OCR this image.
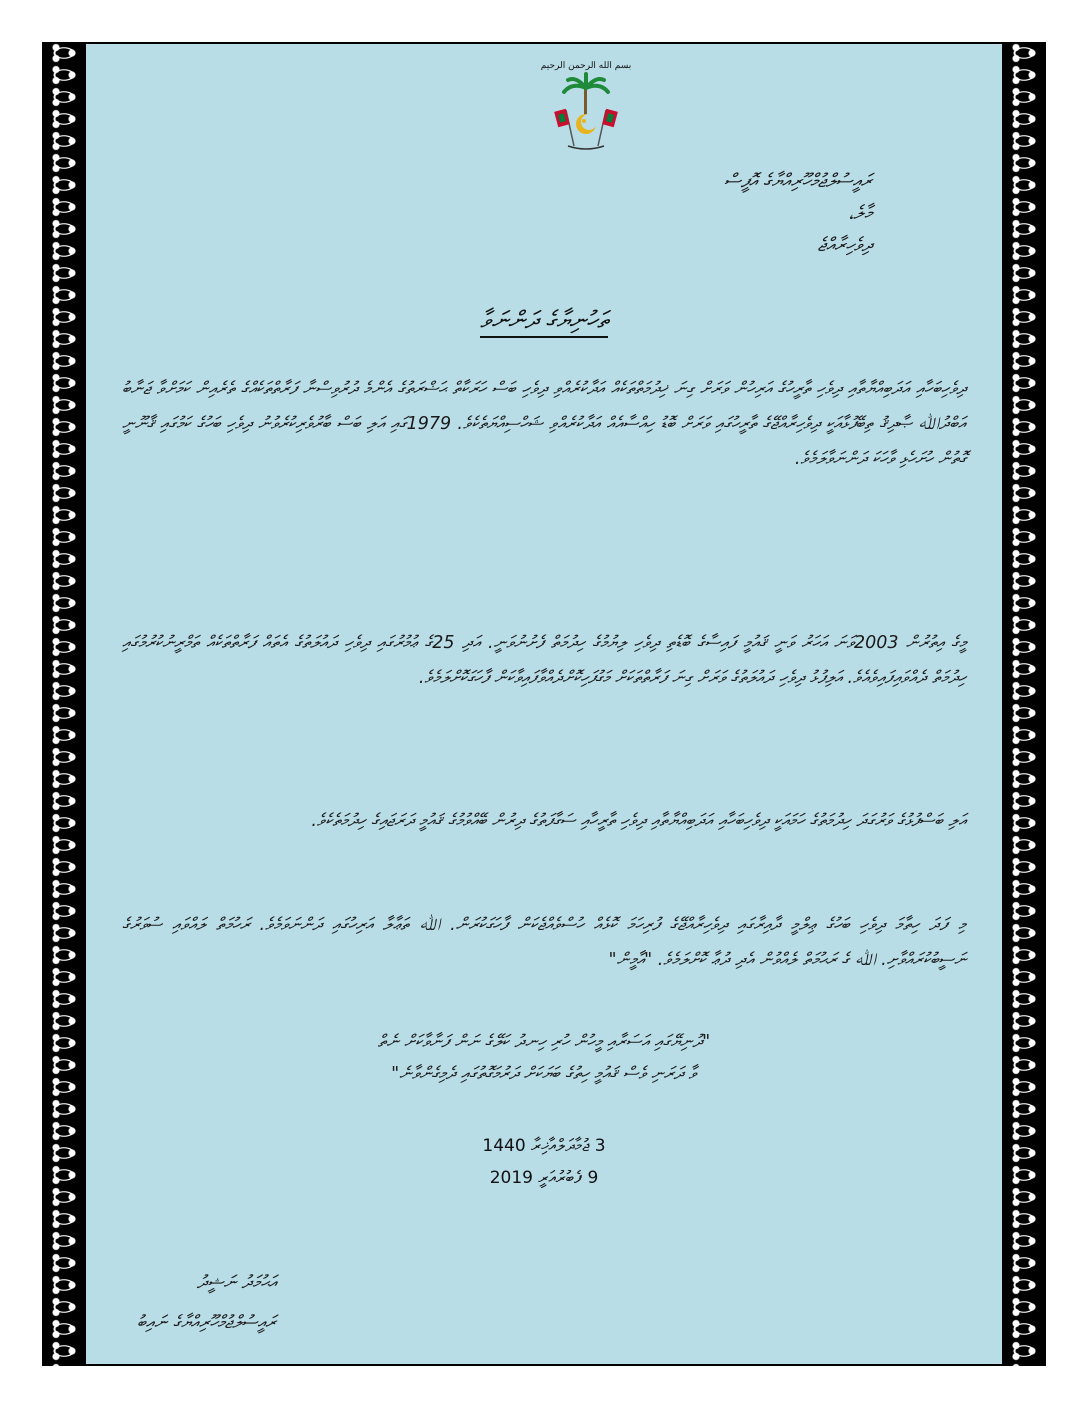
بسم الله الرحمن الرحيم
ރައީސުލްޖުމްހޫރިއްޔާގެ އޮފީސް
މާލެ،
ދިވެހިރާއްޖެ
ތަހުނިޔާގެ ދަންނަވާ
ދިވެހިބަހާއި އަދަބިއްޔާތާއި ދިވެހި ތާރީހުގެ އަރިހުން ވަރަށް ގިނަ ޚިދުމަތްތަކެއް އަދާކުރެއްވި ދިވެހި ބަސް ހަރަކާތް ޙަޟްރަތުގެ އެންމެ ދުރުވިސްނާ ފަރާތްތަކެއްގެ ތެރެއިން ކަމަށްވާ ޖަނާބު އަބްދުﷲ ޞާދިޤު ތިބޭފުޅާއަކީ ދިވެހިރާއްޖޭގެ ތާރީހުގައި ވަރަށް ބޮޑު ހިއްސާއެއް އަދާކުރެއްވި ޝަހްސިއްޔަތެކެވެ. 1979ގައި އަލި ބަސް ބާރުވެރިކުރެވުނު ދިވެހި ބަހުގެ ކަމުގައި ޤާނޫނީ ގޮތުން ހުށަހެޅި ވާހަކަ ދަންނަވާލަމެވެ.
މީގެ އިތުރުން 2003ވަނަ އަހަރު ވަނީ ޤައުމީ ފައިސާގެ ބޮޑެތި ދިވެހި ލިޔުމުގެ ހިދުމަތް ފެށުނުވަނީ. އަދި 25ގެ ޢުމުރުގައި ދިވެހި ދައުލަތުގެ އެތައް ފަރާތްތަކެއް ތަމްރީނުކުރުމުގައި ހިދުމަތް ދެއްވައިފައިވެއެވެ. އަލިފުޅު ދިވެހި ދައުލަތުގެ ވަރަށް ގިނަ ފަރާތްތަކަށް މަގުފަހިކޮށްދެއްވާފައިވާކަން ފާހަގަކޮށްލަމެވެ.
އަލި ބަސްފުޅުގެ ވަރުގަދަ ހިދުމަތުގެ ހަމައަކީ ދިވެހިބަހާއި އަދަބިއްޔާތާއި ދިވެހި ތާރީހާއި ސަގާފަތުގެ ދިރުން ބޭއްވުމުގެ ޤައުމީ ދަރަޖައިގެ ހިދުމަތެކެވެ.
މި ފަދަ ހިތާމަ ދިވެހި ބަހުގެ ޢިލްމީ ދާއިރާގައި ދިވެހިރާއްޖޭގެ ފުރިހަމަ ކޮޅެއް ހުސްވެއްޖެކަން ފާހަގަކުރަން. ﷲ ތަޢާލާ އަރިހުގައި ދަންނަވަމެވެ. ރަހުމަތް ލައްވައި ސުވަރުގެ ނަސީބުކުރައްވާށި. ﷲ ގެ ރަޙުމަތް ލެއްވުން އެދި ދުޢާ ކޮށްލަމެވެ. "އާމީން"
"ދުނިޔޭގައި އަސަރާއި މީހުން ހުރި ހިނދު ކަލޭގެ ނަން ފަނާވާކަށް ނެތް
ވާ ދަރަނި ވެސް ޤައުމީ ހިތުގެ ބަޔަކަށް ދަރުމަގޮތުގައި ދެމިގެންވާނެ"
3 ޖުމާދަލްއާޚިރާ 1440
9 ފެބުރުއަރީ 2019
އަޙުމަދު ނަޝީދު
ރައީސުލްޖުމްހޫރިއްޔާގެ ނައިބު
